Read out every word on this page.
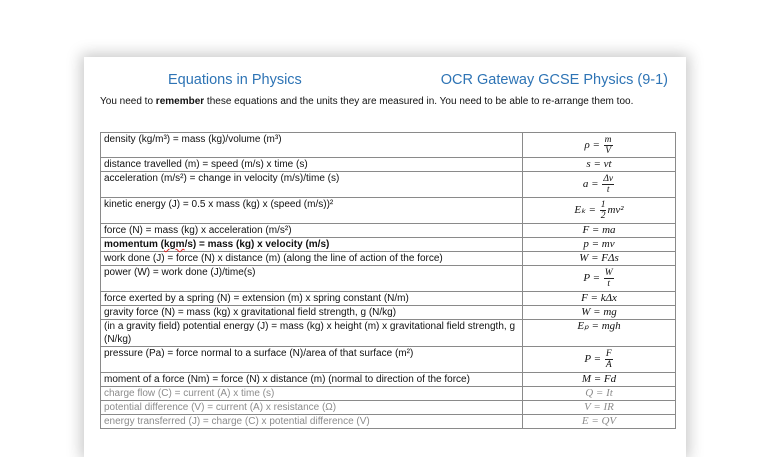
Equations in Physics	OCR Gateway GCSE Physics (9-1)
You need to remember these equations and the units they are measured in. You need to be able to re-arrange them too.
density (kg/m³) = mass (kg)/volume (m³)	$\rho = \frac{m}{V}$

distance travelled (m) = speed (m/s) x time (s)	s = vt
acceleration (m/s²) = change in velocity (m/s)/time (s)	$a = \frac{\Delta v}{t}$

kinetic energy (J) = 0.5 x mass (kg) x (speed (m/s))²	$E_k = \frac{1}{2} mv^2$
force (N) = mass (kg) x acceleration (m/s²)	F = ma
momentum (kgm/s) = mass (kg) x velocity (m/s)	p = mv
work done (J) = force (N) x distance (m) (along the line of action of the force)	W = FΔs
power (W) = work done (J)/time(s)	$P = \frac{W}{t}$

force exerted by a spring (N) = extension (m) x spring constant (N/m)	F = kΔx
gravity force (N) = mass (kg) x gravitational field strength, g (N/kg)	W = mg
(in a gravity field) potential energy (J) = mass (kg) x height (m) x gravitational field strength, g (N/kg)	Eₚ = mgh
pressure (Pa) = force normal to a surface (N)/area of that surface (m²)	$P = \frac{F}{A}$

moment of a force (Nm) = force (N) x distance (m) (normal to direction of the force)	M = Fd
charge flow (C) = current (A) x time (s)	Q = It
potential difference (V) = current (A) x resistance (Ω)	V = IR
energy transferred (J) = charge (C) x potential difference (V)	E = QV
